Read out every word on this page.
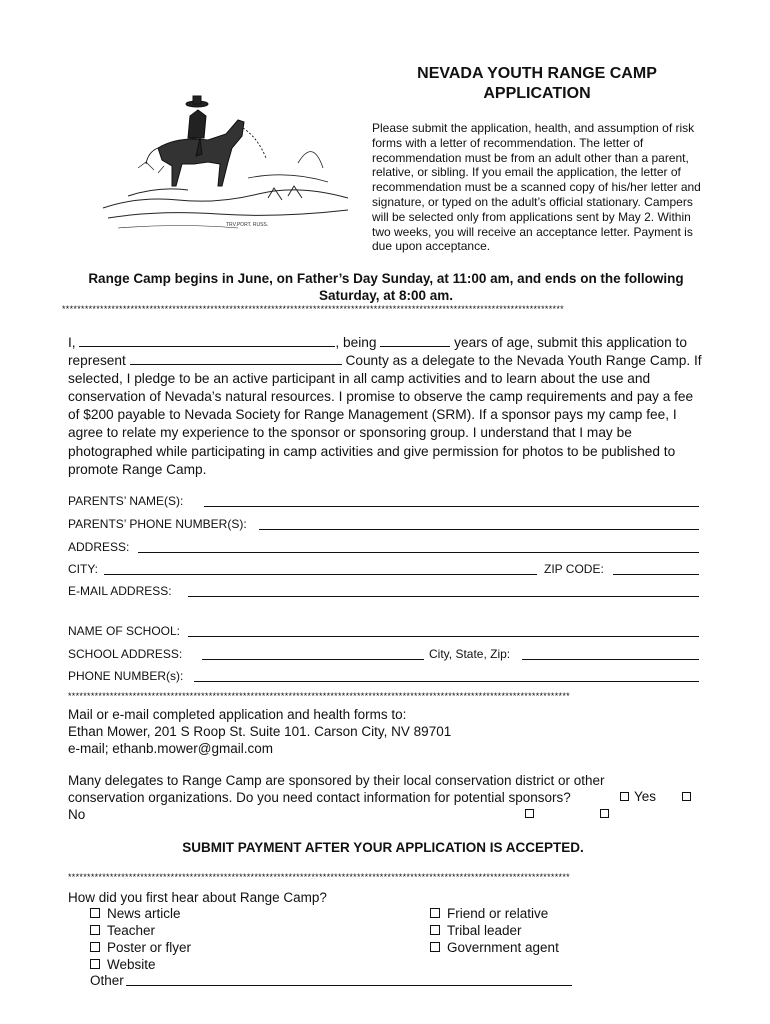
TRV.PORT. RUSS.
NEVADA YOUTH RANGE CAMP
APPLICATION
Please submit the application, health, and assumption of risk forms with a letter of recommendation. The letter of recommendation must be from an adult other than a parent, relative, or sibling. If you email the application, the letter of recommendation must be a scanned copy of his/her letter and signature, or typed on the adult’s official stationary. Campers will be selected only from applications sent by May 2. Within two weeks, you will receive an acceptance letter. Payment is due upon acceptance.
Range Camp begins in June, on Father’s Day Sunday, at 11:00 am, and ends on the following Saturday, at 8:00 am.
************************************************************************************************************************************
I,	, being	years of age, submit this application to represent	County as a delegate to the Nevada Youth Range Camp. If selected, I pledge to be an active participant in all camp activities and to learn about the use and conservation of Nevada’s natural resources. I promise to observe the camp requirements and pay a fee of $200 payable to Nevada Society for Range Management (SRM). If a sponsor pays my camp fee, I agree to relate my experience to the sponsor or sponsoring group. I understand that I may be photographed while participating in camp activities and give permission for photos to be published to promote Range Camp.
PARENTS’ NAME(S):
PARENTS’ PHONE NUMBER(S):
ADDRESS:
CITY:	ZIP CODE:
E-MAIL ADDRESS:
NAME OF SCHOOL:
SCHOOL ADDRESS:	City, State, Zip:
PHONE NUMBER(s):
************************************************************************************************************************************
Mail or e-mail completed application and health forms to:
Ethan Mower, 201 S Roop St. Suite 101. Carson City, NV 89701
e-mail; ethanb.mower@gmail.com
Many delegates to Range Camp are sponsored by their local conservation district or other
conservation organizations. Do you need contact information for potential sponsors?
No
Yes
SUBMIT PAYMENT AFTER YOUR APPLICATION IS ACCEPTED.
************************************************************************************************************************************
How did you first hear about Range Camp?
News article
Teacher
Poster or flyer
Website
Friend or relative
Tribal leader
Government agent
Other
